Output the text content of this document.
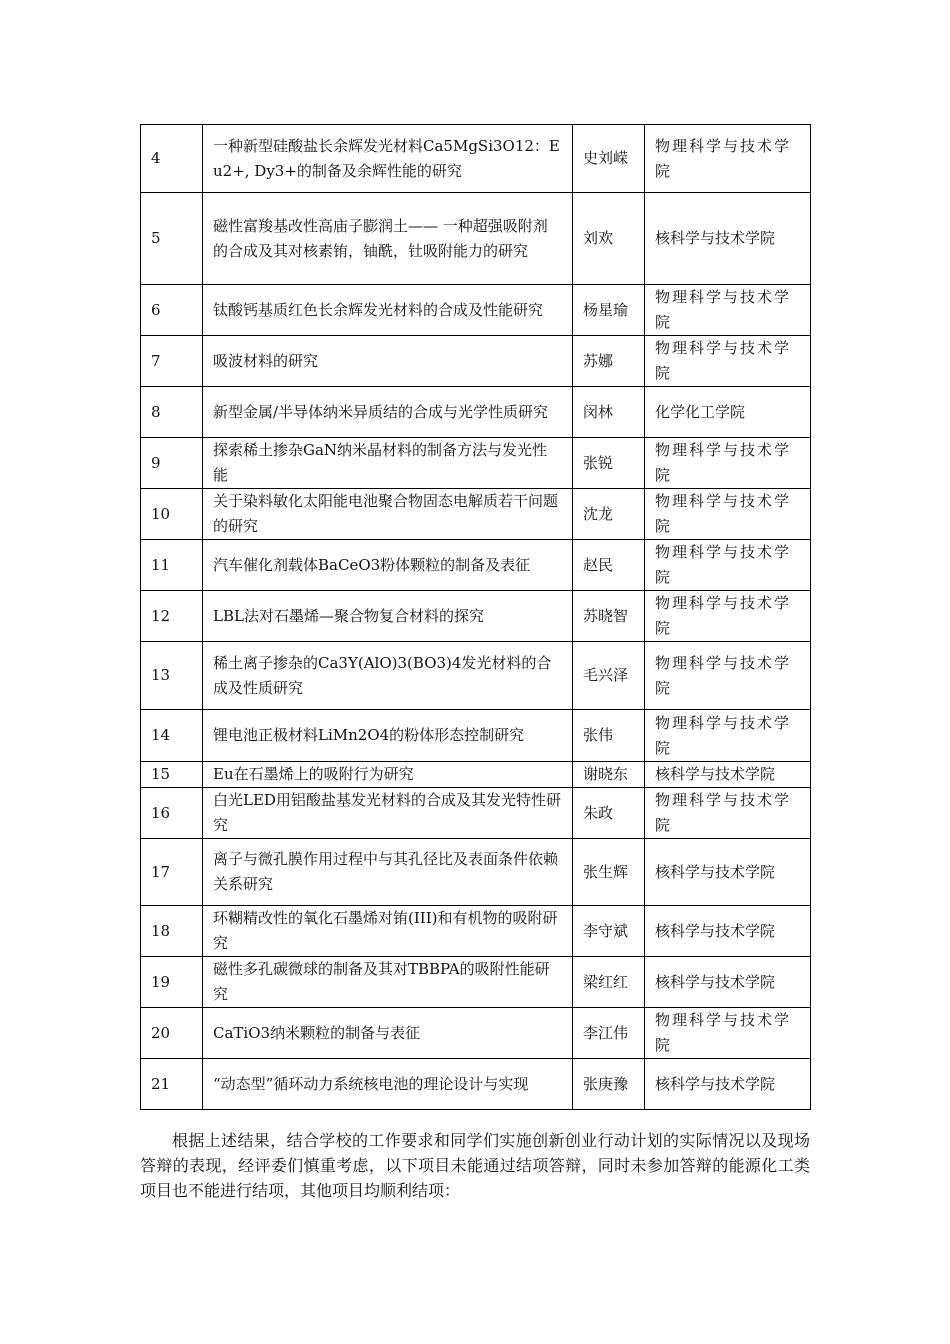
4	一种新型硅酸盐长余辉发光材料Ca5MgSi3O12：Eu2+, Dy3+的制备及余辉性能的研究	史刘嵘	物理科学与技术学院
5	磁性富羧基改性高庙子膨润土—— 一种超强吸附剂的合成及其对核素铕，铀酰，钍吸附能力的研究	刘欢	核科学与技术学院
6	钛酸钙基质红色长余辉发光材料的合成及性能研究	杨星瑜	物理科学与技术学院
7	吸波材料的研究	苏娜	物理科学与技术学院
8	新型金属/半导体纳米异质结的合成与光学性质研究	闵林	化学化工学院
9	探索稀土掺杂GaN纳米晶材料的制备方法与发光性能	张锐	物理科学与技术学院
10	关于染料敏化太阳能电池聚合物固态电解质若干问题的研究	沈龙	物理科学与技术学院
11	汽车催化剂载体BaCeO3粉体颗粒的制备及表征	赵民	物理科学与技术学院
12	LBL法对石墨烯—聚合物复合材料的探究	苏晓智	物理科学与技术学院
13	稀土离子掺杂的Ca3Y(AlO)3(BO3)4发光材料的合成及性质研究	毛兴泽	物理科学与技术学院
14	锂电池正极材料LiMn2O4的粉体形态控制研究	张伟	物理科学与技术学院
15	Eu在石墨烯上的吸附行为研究	谢晓东	核科学与技术学院
16	白光LED用铝酸盐基发光材料的合成及其发光特性研究	朱政	物理科学与技术学院
17	离子与微孔膜作用过程中与其孔径比及表面条件依赖关系研究	张生辉	核科学与技术学院
18	环糊精改性的氧化石墨烯对铕(III)和有机物的吸附研究	李守斌	核科学与技术学院
19	磁性多孔碳微球的制备及其对TBBPA的吸附性能研究	梁红红	核科学与技术学院
20	CaTiO3纳米颗粒的制备与表征	李江伟	物理科学与技术学院
21	“动态型”循环动力系统核电池的理论设计与实现	张庚豫	核科学与技术学院

根据上述结果，结合学校的工作要求和同学们实施创新创业行动计划的实际情况以及现场答辩的表现，经评委们慎重考虑，以下项目未能通过结项答辩，同时未参加答辩的能源化工类项目也不能进行结项，其他项目均顺利结项：
